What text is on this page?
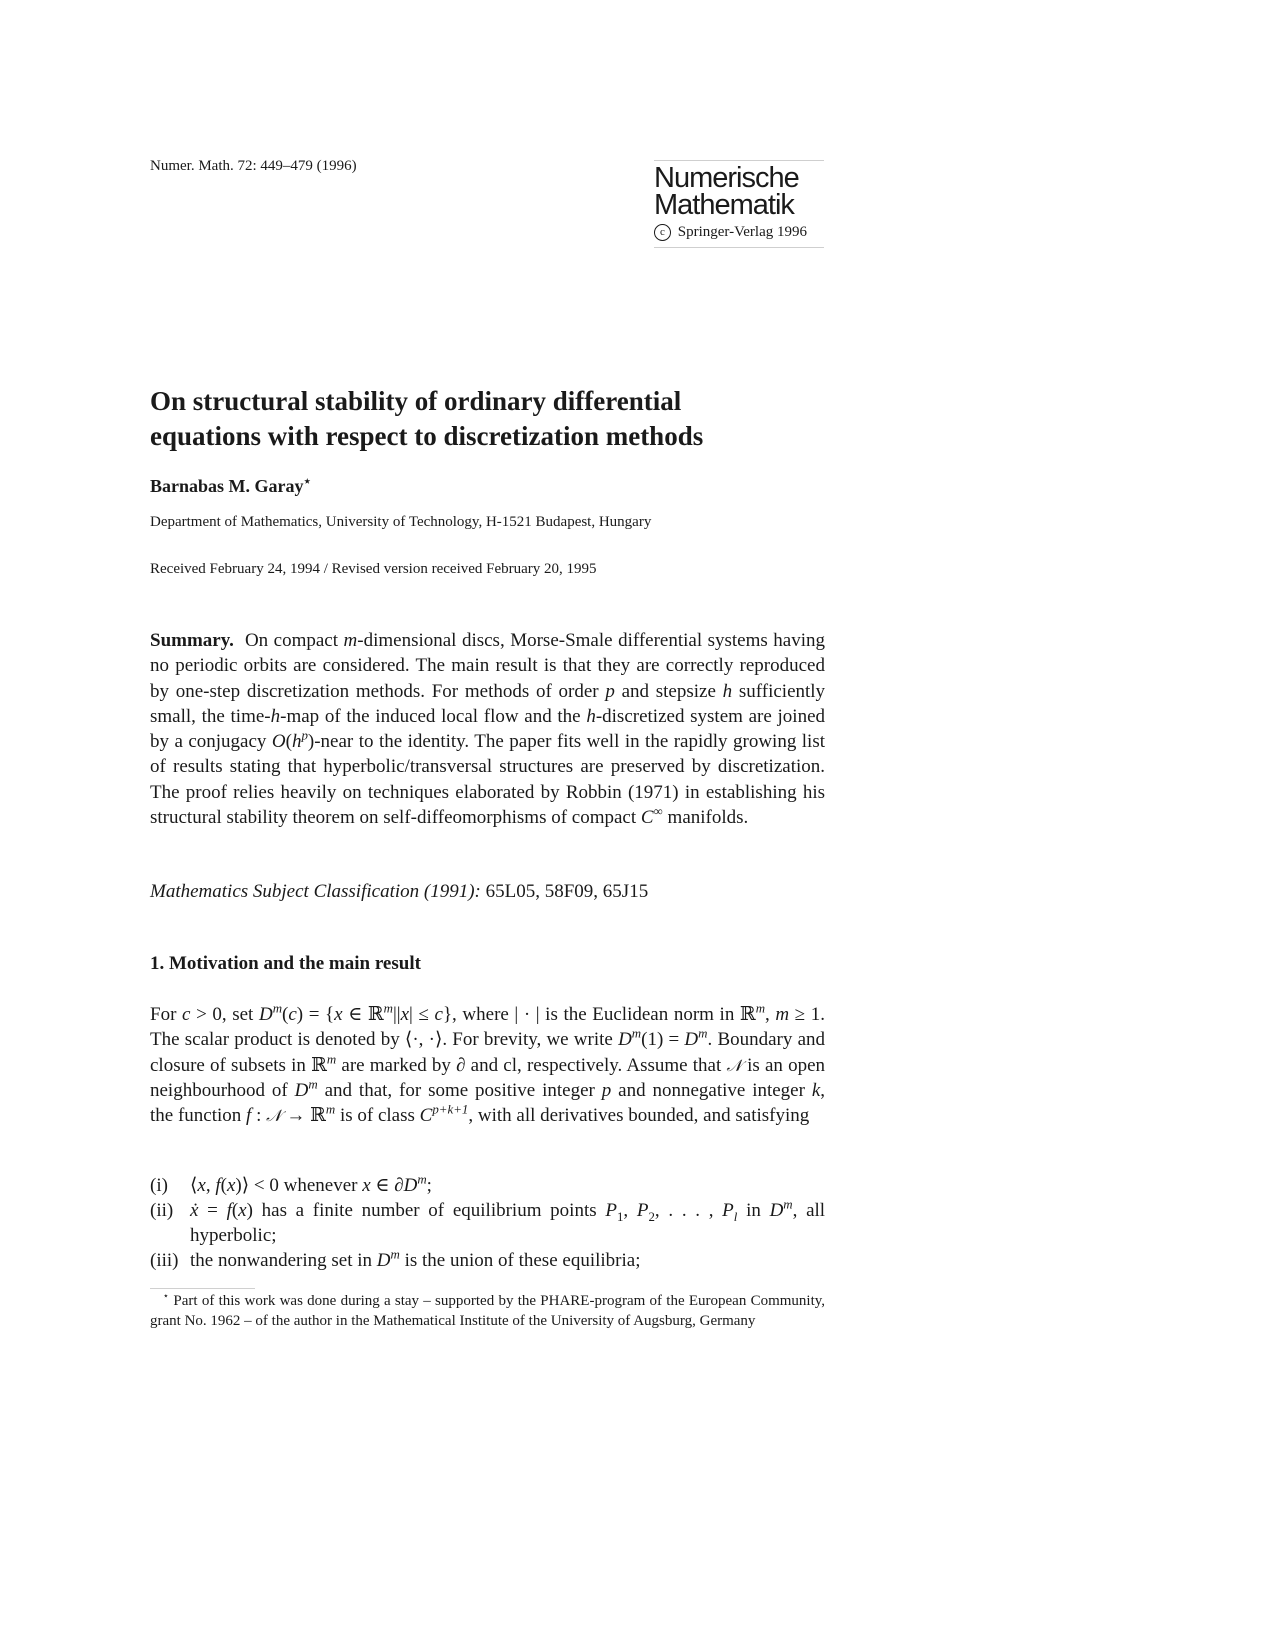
Numer. Math. 72: 449–479 (1996)	Numerische
Mathematik
c Springer-Verlag 1996
On structural stability of ordinary differential
equations with respect to discretization methods
Barnabas M. Garay⋆
Department of Mathematics, University of Technology, H-1521 Budapest, Hungary
Received February 24, 1994 / Revised version received February 20, 1995
Summary. On compact m-dimensional discs, Morse-Smale differential systems having no periodic orbits are considered. The main result is that they are correctly reproduced by one-step discretization methods. For methods of order p and stepsize h sufficiently small, the time-h-map of the induced local flow and the h-discretized system are joined by a conjugacy $O(h^p)$-near to the identity. The paper fits well in the rapidly growing list of results stating that hyperbolic/transversal structures are preserved by discretization. The proof relies heavily on techniques elaborated by Robbin (1971) in establishing his structural stability theorem on self-diffeomorphisms of compact C∞ manifolds.
Mathematics Subject Classification (1991): 65L05, 58F09, 65J15
1. Motivation and the main result
For c > 0, set $D^m(c) = \{x$ ∈ ℝ$^m$||x| ≤ c}, where | · | is the Euclidean norm in ℝ$^m$, m ≥ 1. The scalar product is denoted by ⟨·, ·⟩. For brevity, we write $D^m(1) = D^m$. Boundary and closure of subsets in ℝ$^m$ are marked by ∂ and cl, respectively. Assume that 𝒩 is an open neighbourhood of $D^m$ and that, for some positive integer p and nonnegative integer k, the function f : 𝒩 → ℝ$^m$ is of class $C^{p+k+1}$, with all derivatives bounded, and satisfying
(i)	⟨x, f(x)⟩ < 0 whenever x ∈ $\partial D^m$;
(ii) ẋ = f(x) has a finite number of equilibrium points $P_1$, $P_2$, . . . , $P_l$ in $D^m$, all hyperbolic;
(iii) the nonwandering set in $D^m$ is the union of these equilibria;
⋆ Part of this work was done during a stay – supported by the PHARE-program of the European Community, grant No. 1962 – of the author in the Mathematical Institute of the University of Augsburg, Germany
